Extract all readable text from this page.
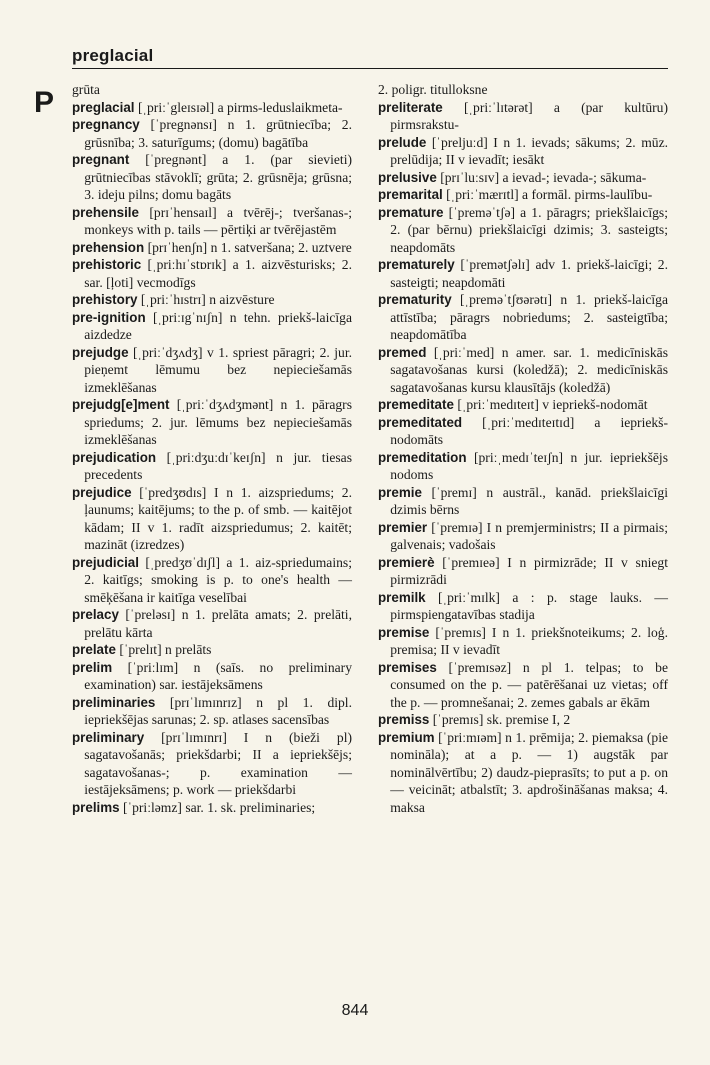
preglacial
P grūta

preglacial [ˌpriːˈgleɪsɪəl] a pirms-leduslaikmeta-

pregnancy [ˈpregnənsɪ] n 1. grūtniecība; 2. grūsnība; 3. saturīgums; (domu) bagātība

pregnant [ˈpregnənt] a 1. (par sievieti) grūtniecības stāvoklī; grūta; 2. grūsnēja; grūsna; 3. ideju pilns; domu bagāts

prehensile [prɪˈhensaɪl] a tvērēj-; tveršanas-; monkeys with p. tails — pērtiķi ar tvērējastēm

prehension [prɪˈhenʃn] n 1. satveršana; 2. uztvere

prehistoric [ˌpriːhɪˈstɒrɪk] a 1. aizvēsturisks; 2. sar. [ļoti] vecmodīgs

prehistory [ˌpriːˈhɪstrɪ] n aizvēsture

pre-ignition [ˌpriːɪgˈnɪʃn] n tehn. priekš-laicīga aizdedze

prejudge [ˌpriːˈdʒʌdʒ] v 1. spriest pāragri; 2. jur. pieņemt lēmumu bez nepieciešamās izmeklēšanas

prejudg[e]ment [ˌpriːˈdʒʌdʒmənt] n 1. pāragrs spriedums; 2. jur. lēmums bez nepieciešamās izmeklēšanas

prejudication [ˌpriːdʒuːdɪˈkeɪʃn] n jur. tiesas precedents

prejudice [ˈpredʒʊdɪs] I n 1. aizspriedums; 2. ļaunums; kaitējums; to the p. of smb. — kaitējot kādam; II v 1. radīt aizspriedumus; 2. kaitēt; mazināt (izredzes)

prejudicial [ˌpredʒʊˈdɪʃl] a 1. aiz-spriedumains; 2. kaitīgs; smoking is p. to one's health — smēķēšana ir kaitīga veselībai

prelacy [ˈprelәsɪ] n 1. prelāta amats; 2. prelāti, prelātu kārta

prelate [ˈprelɪt] n prelāts

prelim [ˈpriːlɪm] n (saīs. no preliminary examination) sar. iestājeksāmens

preliminaries [prɪˈlɪmɪnrɪz] n pl 1. dipl. iepriekšējas sarunas; 2. sp. atlases sacensības

preliminary [prɪˈlɪmɪnrɪ] I n (bieži pl) sagatavošanās; priekšdarbi; II a iepriekšējs; sagatavošanas-; p. examination — iestājeksāmens; p. work — priekšdarbi

prelims [ˈpriːlәmz] sar. 1. sk. preliminaries;

2. poligr. titulloksne

preliterate [ˌpriːˈlɪtәrәt] a (par kultūru) pirmsrakstu-

prelude [ˈpreljuːd] I n 1. ievads; sākums; 2. mūz. prelūdija; II v ievadīt; iesākt

prelusive [prɪˈluːsɪv] a ievad-; ievada-; sākuma-

premarital [ˌpriːˈmærɪtl] a formāl. pirms-laulību-

premature [ˈpremәˈtʃә] a 1. pāragrs; priekšlaicīgs; 2. (par bērnu) priekšlaicīgi dzimis; 3. sasteigts; neapdomāts

prematurely [ˈpremәtʃәlɪ] adv 1. priekš-laicīgi; 2. sasteigti; neapdomāti

prematurity [ˌpremәˈtʃʊәrәtɪ] n 1. priekš-laicīga attīstība; pāragrs nobriedums; 2. sasteigtība; neapdomātība

premed [ˌpriːˈmed] n amer. sar. 1. medicīniskās sagatavošanas kursi (koledžā); 2. medicīniskās sagatavošanas kursu klausītājs (koledžā)

premeditate [ˌpriːˈmedɪteɪt] v iepriekš-nodomāt

premeditated [ˌpriːˈmedɪteɪtɪd] a iepriekš-nodomāts

premeditation [priːˌmedɪˈteɪʃn] n jur. iepriekšējs nodoms

premie [ˈpremɪ] n austrāl., kanād. priekšlaicīgi dzimis bērns

premier [ˈpremɪә] I n premjerministrs; II a pirmais; galvenais; vadošais

premierè [ˈpremɪeә] I n pirmizrāde; II v sniegt pirmizrādi

premilk [ˌpriːˈmɪlk] a : p. stage lauks. — pirmspiengatavības stadija

premise [ˈpremɪs] I n 1. priekšnoteikums; 2. loģ. premisa; II v ievadīt

premises [ˈpremɪsәz] n pl 1. telpas; to be consumed on the p. — patērēšanai uz vietas; off the p. — promnešanai; 2. zemes gabals ar ēkām

premiss [ˈpremɪs] sk. premise I, 2

premium [ˈpriːmɪәm] n 1. prēmija; 2. piemaksa (pie nominālа); at a p. — 1) augstāk par nominālvērtību; 2) daudz-pieprasīts; to put a p. on — veicināt; atbalstīt; 3. apdrošināšanas maksa; 4. maksa

844
